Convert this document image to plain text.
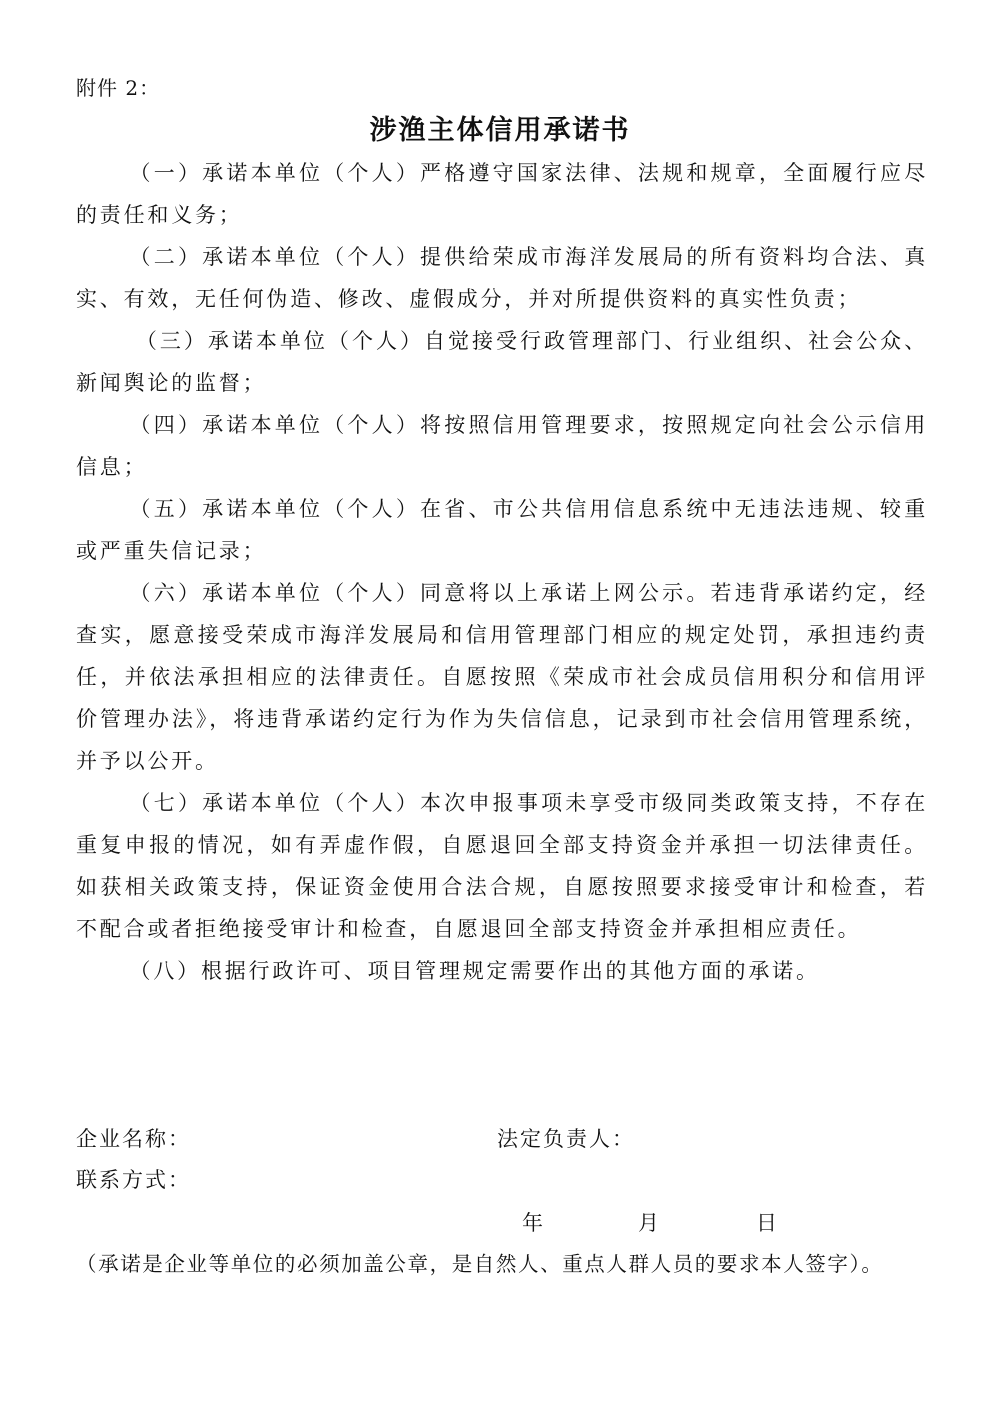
附件 2：
涉渔主体信用承诺书

（一）承诺本单位（个人）严格遵守国家法律、法规和规章，全面履行应尽的责任和义务；

（二）承诺本单位（个人）提供给荣成市海洋发展局的所有资料均合法、真实、有效，无任何伪造、修改、虚假成分，并对所提供资料的真实性负责；

（三）承诺本单位（个人）自觉接受行政管理部门、行业组织、社会公众、新闻舆论的监督；

（四）承诺本单位（个人）将按照信用管理要求，按照规定向社会公示信用信息；

（五）承诺本单位（个人）在省、市公共信用信息系统中无违法违规、较重或严重失信记录；

（六）承诺本单位（个人）同意将以上承诺上网公示。若违背承诺约定，经查实，愿意接受荣成市海洋发展局和信用管理部门相应的规定处罚，承担违约责任，并依法承担相应的法律责任。自愿按照《荣成市社会成员信用积分和信用评价管理办法》，将违背承诺约定行为作为失信信息，记录到市社会信用管理系统，并予以公开。

（七）承诺本单位（个人）本次申报事项未享受市级同类政策支持，不存在重复申报的情况，如有弄虚作假，自愿退回全部支持资金并承担一切法律责任。如获相关政策支持，保证资金使用合法合规，自愿按照要求接受审计和检查，若不配合或者拒绝接受审计和检查，自愿退回全部支持资金并承担相应责任。

（八）根据行政许可、项目管理规定需要作出的其他方面的承诺。

企业名称：	法定负责人：
联系方式：
年	月	日
（承诺是企业等单位的必须加盖公章，是自然人、重点人群人员的要求本人签字）。
